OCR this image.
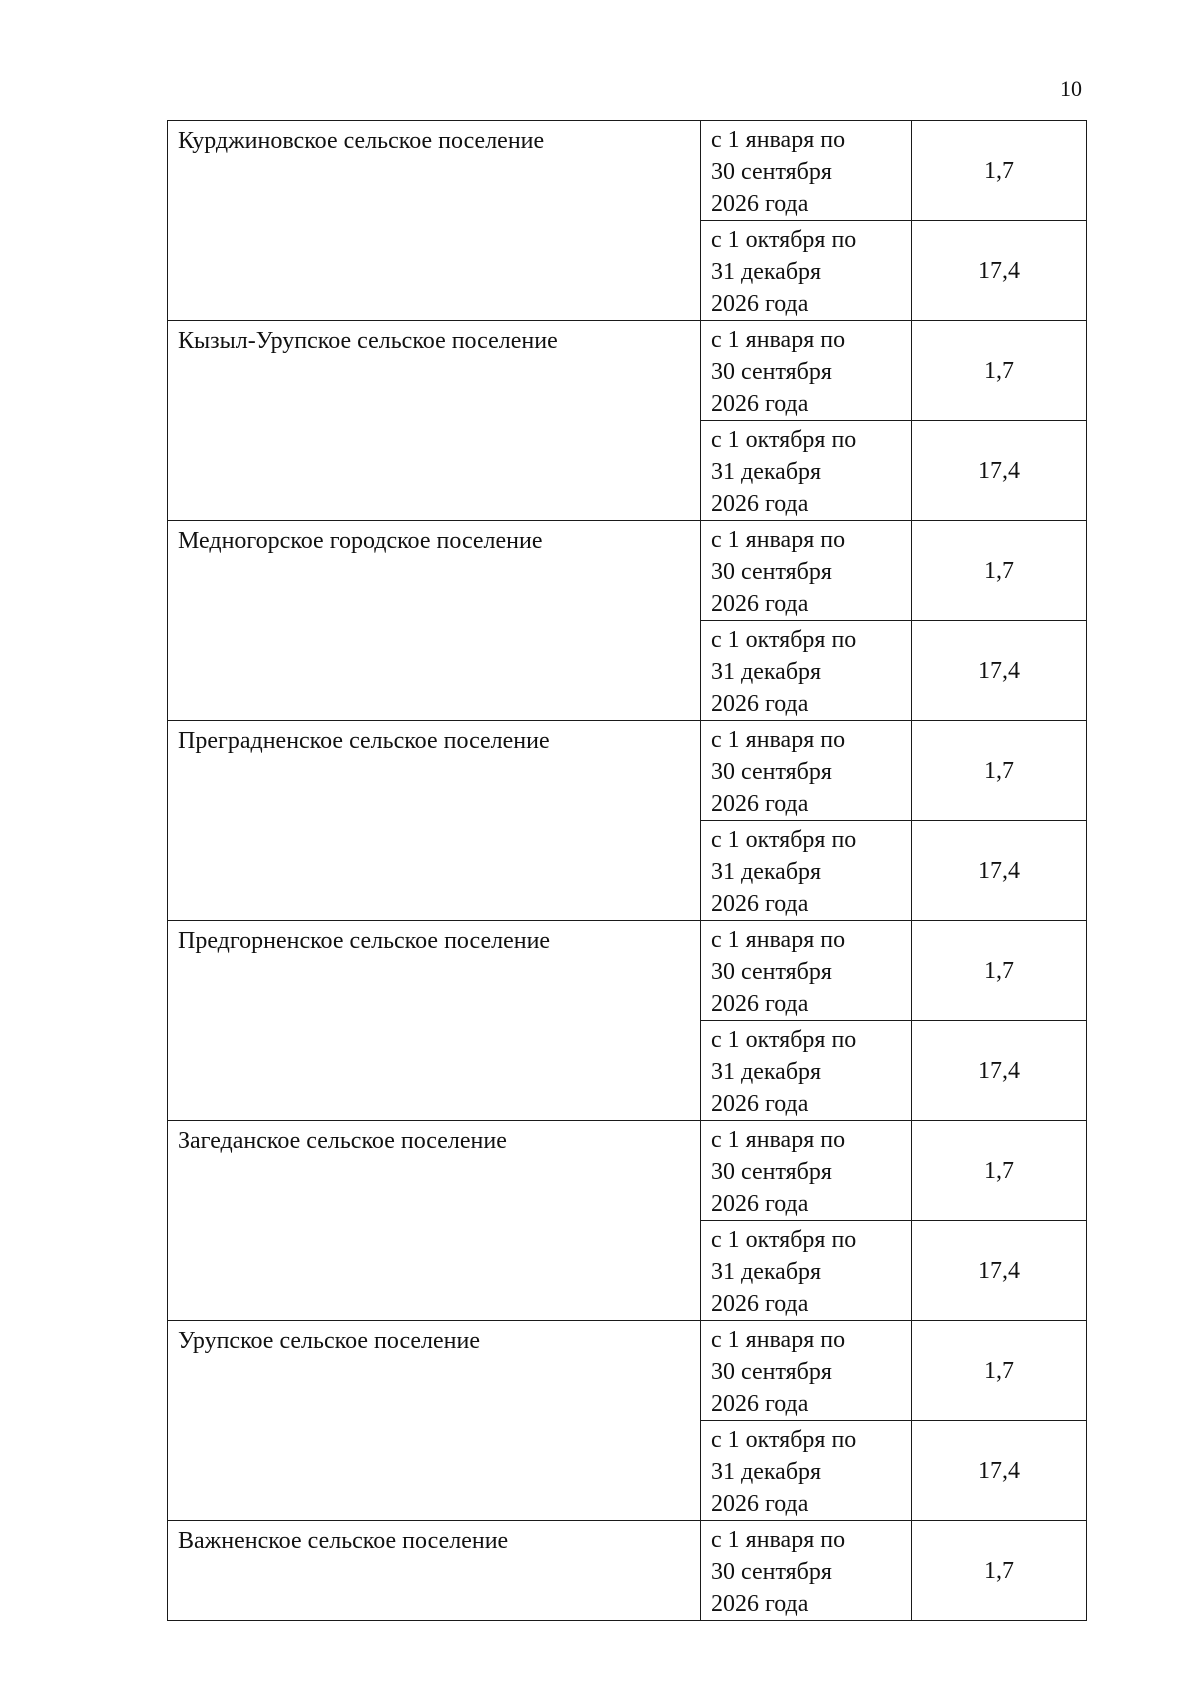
10
Курджиновское сельское поселение	с 1 января по
30 сентября
2026 года	1,7
	с 1 октября по
31 декабря
2026 года	17,4
Кызыл-Урупское сельское поселение	с 1 января по
30 сентября
2026 года	1,7
	с 1 октября по
31 декабря
2026 года	17,4
Медногорское городское поселение	с 1 января по
30 сентября
2026 года	1,7
	с 1 октября по
31 декабря
2026 года	17,4
Преградненское сельское поселение	с 1 января по
30 сентября
2026 года	1,7
	с 1 октября по
31 декабря
2026 года	17,4
Предгорненское сельское поселение	с 1 января по
30 сентября
2026 года	1,7
	с 1 октября по
31 декабря
2026 года	17,4
Загеданское сельское поселение	с 1 января по
30 сентября
2026 года	1,7
	с 1 октября по
31 декабря
2026 года	17,4
Урупское сельское поселение	с 1 января по
30 сентября
2026 года	1,7
	с 1 октября по
31 декабря
2026 года	17,4
Важненское сельское поселение	с 1 января по
30 сентября
2026 года	1,7
